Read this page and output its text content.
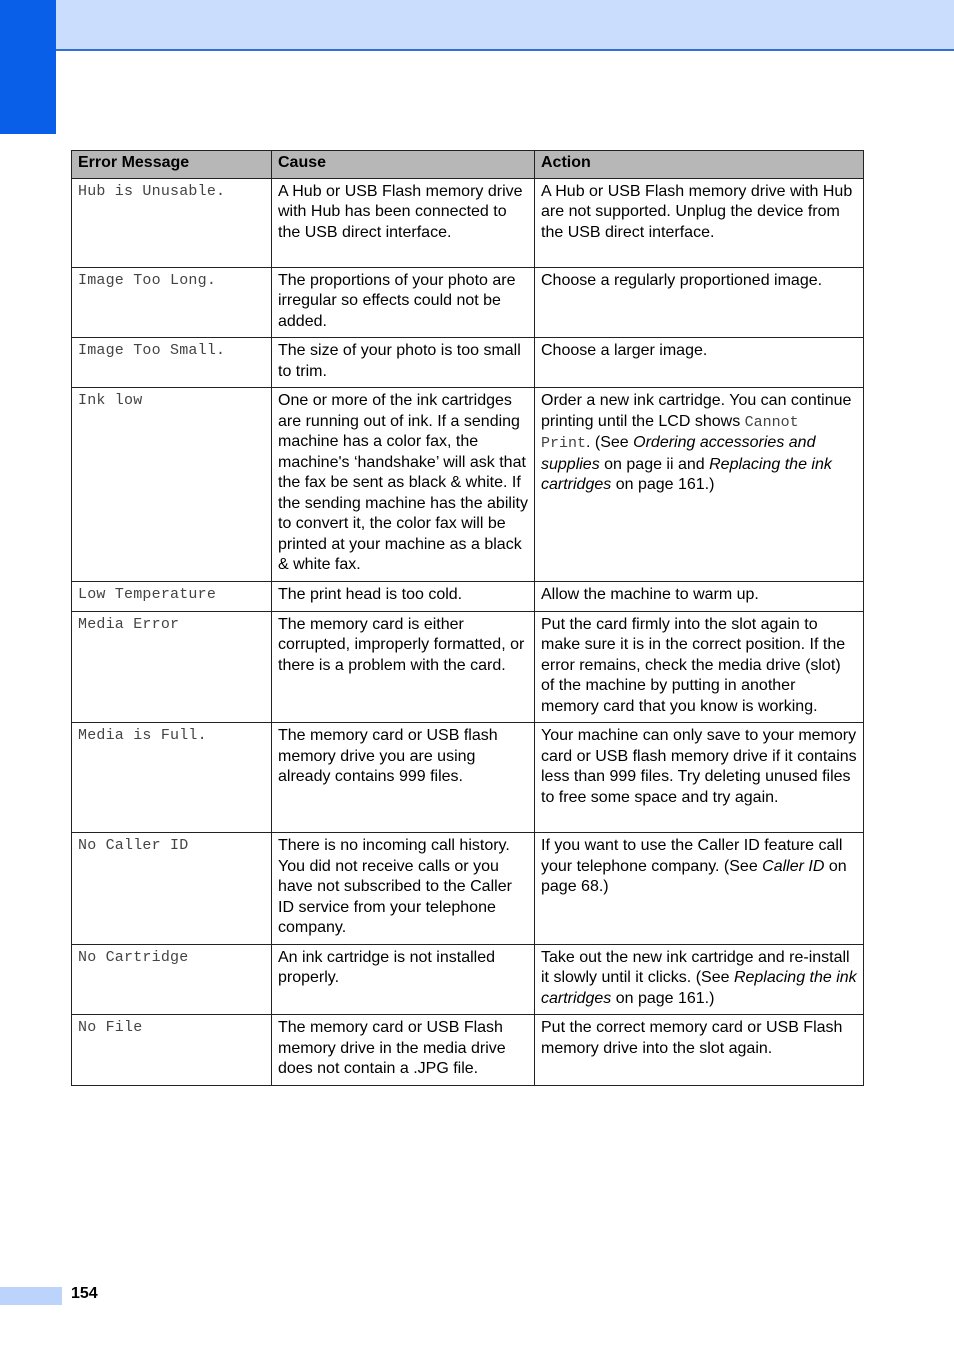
Error Message	Cause	Action
Hub is Unusable.	A Hub or USB Flash memory drive with Hub has been connected to the USB direct interface.	A Hub or USB Flash memory drive with Hub are not supported. Unplug the device from the USB direct interface.
Image Too Long.	The proportions of your photo are irregular so effects could not be added.	Choose a regularly proportioned image.
Image Too Small.	The size of your photo is too small to trim.	Choose a larger image.
Ink low	One or more of the ink cartridges are running out of ink. If a sending machine has a color fax, the machine's ‘handshake’ will ask that the fax be sent as black & white. If the sending machine has the ability to convert it, the color fax will be printed at your machine as a black & white fax.	Order a new ink cartridge. You can continue printing until the LCD shows Cannot Print. (See Ordering accessories and supplies on page ii and Replacing the ink cartridges on page 161.)
Low Temperature	The print head is too cold.	Allow the machine to warm up.
Media Error	The memory card is either corrupted, improperly formatted, or there is a problem with the card.	Put the card firmly into the slot again to make sure it is in the correct position. If the error remains, check the media drive (slot) of the machine by putting in another memory card that you know is working.
Media is Full.	The memory card or USB flash memory drive you are using already contains 999 files.	Your machine can only save to your memory card or USB flash memory drive if it contains less than 999 files. Try deleting unused files to free some space and try again.
No Caller ID	There is no incoming call history. You did not receive calls or you have not subscribed to the Caller ID service from your telephone company.	If you want to use the Caller ID feature call your telephone company. (See Caller ID on page 68.)
No Cartridge	An ink cartridge is not installed properly.	Take out the new ink cartridge and re-install it slowly until it clicks. (See Replacing the ink cartridges on page 161.)
No File	The memory card or USB Flash memory drive in the media drive does not contain a .JPG file.	Put the correct memory card or USB Flash memory drive into the slot again.
154
